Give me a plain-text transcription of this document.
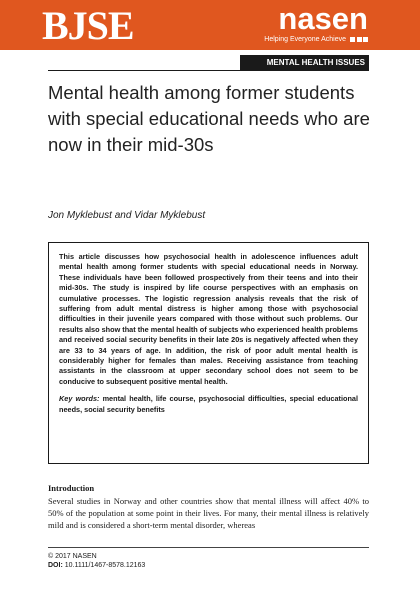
BJSE	nasen
Helping Everyone Achieve
MENTAL HEALTH ISSUES
Mental health among former students with special educational needs who are now in their mid-30s
Jon Myklebust and Vidar Myklebust

This article discusses how psychosocial health in adolescence influences adult mental health among former students with special educational needs in Norway. These individuals have been followed prospectively from their teens and into their mid-30s. The study is inspired by life course perspectives with an emphasis on cumulative processes. The logistic regression analysis reveals that the risk of suffering from adult mental distress is higher among those with psychosocial difficulties in their juvenile years compared with those without such problems. Our results also show that the mental health of subjects who experienced health problems and received social security benefits in their late 20s is negatively affected when they are 33 to 34 years of age. In addition, the risk of poor adult mental health is considerably higher for females than males. Receiving assistance from teaching assistants in the classroom at upper secondary school does not seem to be conducive to subsequent positive mental health.

Key words: mental health, life course, psychosocial difficulties, special educational needs, social security benefits

Introduction

Several studies in Norway and other countries show that mental illness will affect 40% to 50% of the population at some point in their lives. For many, their mental illness is relatively mild and is considered a short-term mental disorder, whereas

© 2017 NASEN
DOI: 10.1111/1467-8578.12163
